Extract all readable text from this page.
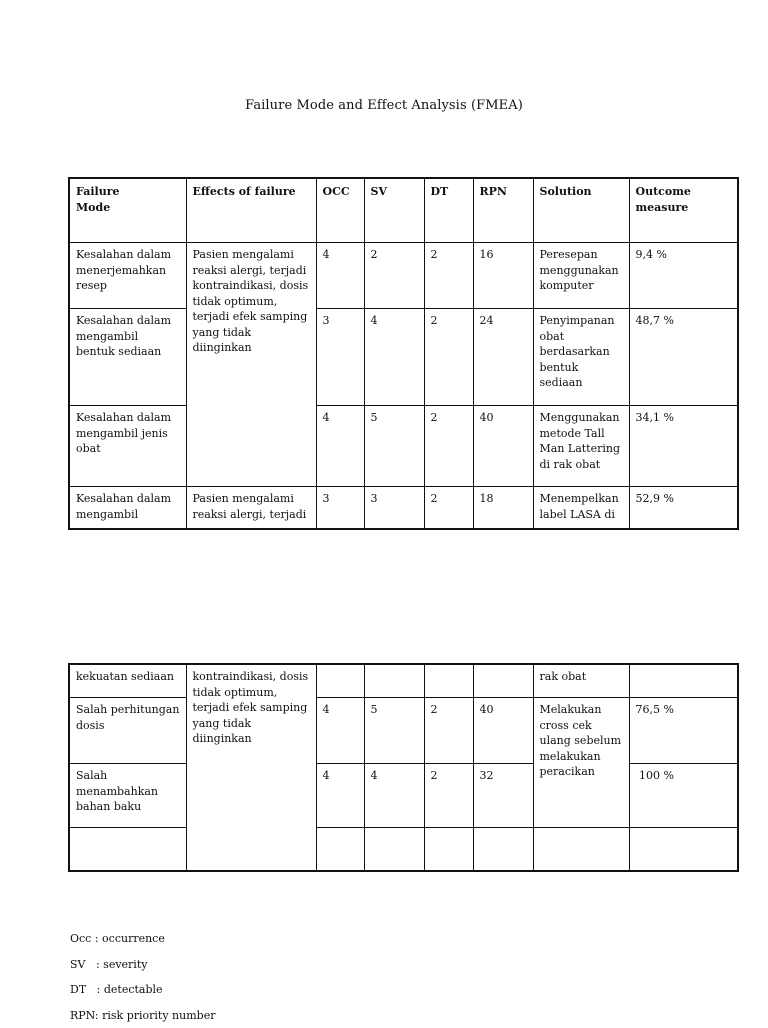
Failure Mode and Effect Analysis (FMEA)
Failure
Mode	Effects of failure	OCC	SV	DT	RPN	Solution	Outcome measure
Kesalahan dalam menerjemahkan resep	Pasien mengalami reaksi alergi, terjadi kontraindikasi, dosis tidak optimum, terjadi efek samping yang tidak diinginkan	4	2	2	16	Peresepan menggunakan komputer	9,4 %
Kesalahan dalam mengambil bentuk sediaan		3	4	2	24	Penyimpanan obat berdasarkan bentuk sediaan	48,7 %
Kesalahan dalam mengambil jenis obat		4	5	2	40	Menggunakan metode Tall Man Lattering di rak obat	34,1 %
Kesalahan dalam mengambil	Pasien mengalami reaksi alergi, terjadi	3	3	2	18	Menempelkan label LASA di	52,9 %
kekuatan sediaan	kontraindikasi, dosis tidak optimum, terjadi efek samping yang tidak diinginkan					rak obat	
Salah perhitungan dosis		4	5	2	40	Melakukan cross cek ulang sebelum melakukan peracikan	76,5 %
Salah menambahkan bahan baku		4	4	2	32		100 %

Occ : occurrence
SV   : severity
DT   : detectable
RPN: risk priority number
